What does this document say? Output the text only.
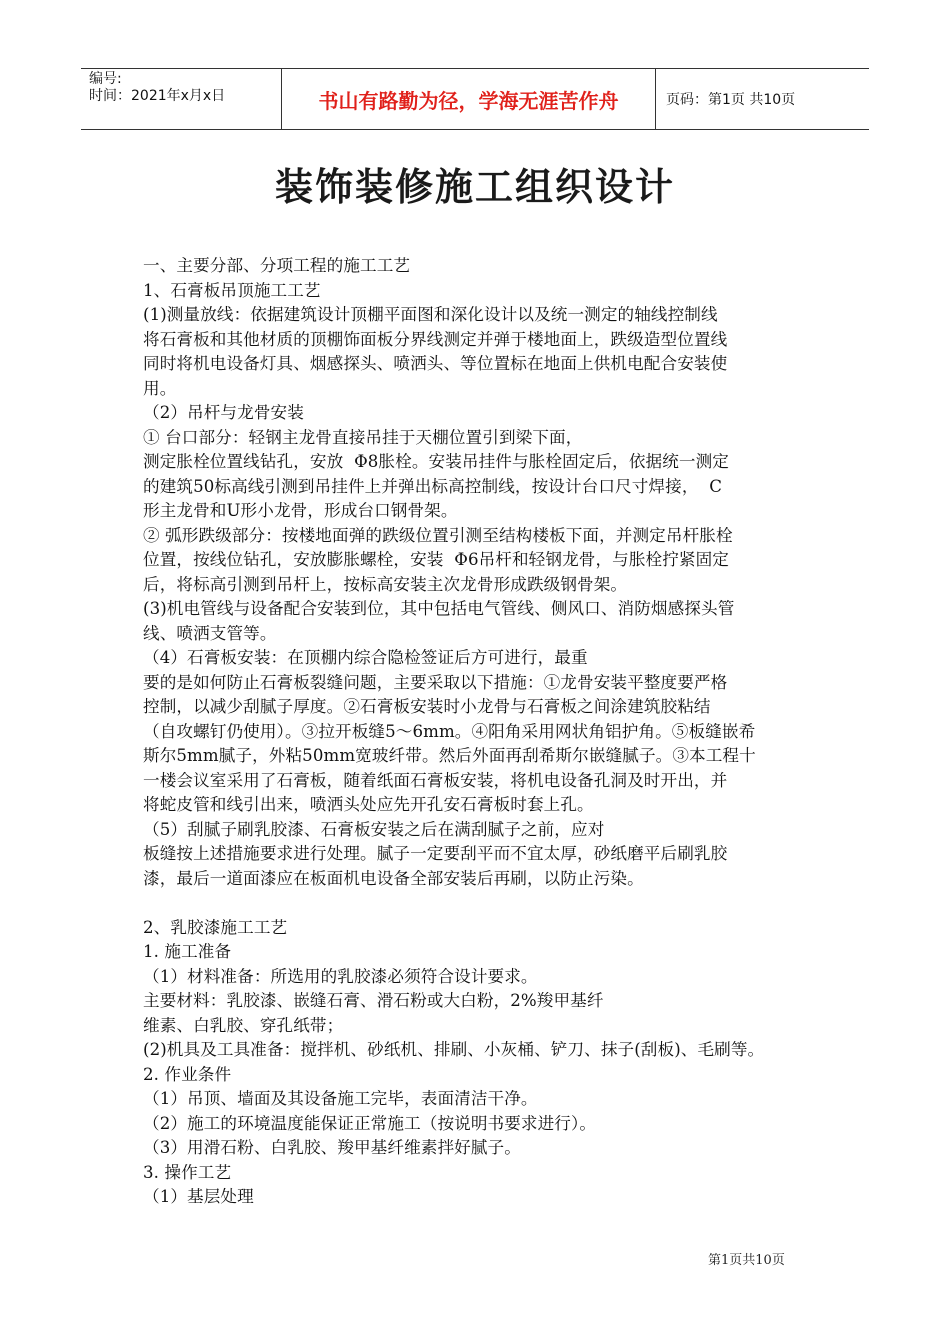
编号:
时间：2021年x月x日	书山有路勤为径，学海无涯苦作舟	页码：第1页 共10页
装饰装修施工组织设计
一、主要分部、分项工程的施工工艺
1、石膏板吊顶施工工艺
(1)测量放线：依据建筑设计顶棚平面图和深化设计以及统一测定的轴线控制线
将石膏板和其他材质的顶棚饰面板分界线测定并弹于楼地面上，跌级造型位置线
同时将机电设备灯具、烟感探头、喷洒头、等位置标在地面上供机电配合安装使
用。
（2）吊杆与龙骨安装
① 台口部分：轻钢主龙骨直接吊挂于天棚位置引到梁下面，
测定胀栓位置线钻孔，安放  Φ8胀栓。安装吊挂件与胀栓固定后，依据统一测定
的建筑50标高线引测到吊挂件上并弹出标高控制线，按设计台口尺寸焊接，  C
形主龙骨和U形小龙骨，形成台口钢骨架。
② 弧形跌级部分：按楼地面弹的跌级位置引测至结构楼板下面，并测定吊杆胀栓
位置，按线位钻孔，安放膨胀螺栓，安装  Φ6吊杆和轻钢龙骨，与胀栓拧紧固定
后，将标高引测到吊杆上，按标高安装主次龙骨形成跌级钢骨架。
(3)机电管线与设备配合安装到位，其中包括电气管线、侧风口、消防烟感探头管
线、喷洒支管等。
（4）石膏板安装：在顶棚内综合隐检签证后方可进行，最重
要的是如何防止石膏板裂缝问题，主要采取以下措施：①龙骨安装平整度要严格
控制，以减少刮腻子厚度。②石膏板安装时小龙骨与石膏板之间涂建筑胶粘结
（自攻螺钉仍使用）。③拉开板缝5～6mm。④阳角采用网状角铝护角。⑤板缝嵌希
斯尔5mm腻子，外粘50mm宽玻纤带。然后外面再刮希斯尔嵌缝腻子。③本工程十
一楼会议室采用了石膏板，随着纸面石膏板安装，将机电设备孔洞及时开出，并
将蛇皮管和线引出来，喷洒头处应先开孔安石膏板时套上孔。
（5）刮腻子刷乳胶漆、石膏板安装之后在满刮腻子之前，应对
板缝按上述措施要求进行处理。腻子一定要刮平而不宜太厚，砂纸磨平后刷乳胶
漆，最后一道面漆应在板面机电设备全部安装后再刷，以防止污染。
2、乳胶漆施工工艺
1. 施工准备
（1）材料准备：所选用的乳胶漆必须符合设计要求。
主要材料：乳胶漆、嵌缝石膏、滑石粉或大白粉，2%羧甲基纤
维素、白乳胶、穿孔纸带；
(2)机具及工具准备：搅拌机、砂纸机、排刷、小灰桶、铲刀、抹子(刮板)、毛刷等。
2. 作业条件
（1）吊顶、墙面及其设备施工完毕，表面清洁干净。
（2）施工的环境温度能保证正常施工（按说明书要求进行）。
（3）用滑石粉、白乳胶、羧甲基纤维素拌好腻子。
3. 操作工艺
（1）基层处理
第1页共10页
